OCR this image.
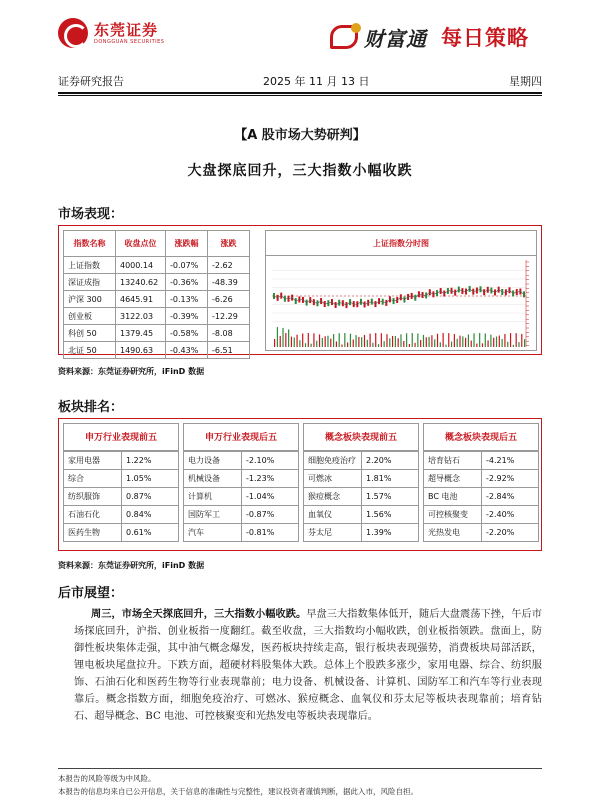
东莞证券
DONGGUAN SECURITIES	财富通 每日策略
证券研究报告	2025 年 11 月 13 日	星期四
【A 股市场大势研判】
大盘探底回升，三大指数小幅收跌
市场表现：
指数名称	收盘点位	涨跌幅	涨跌
上证指数	4000.14	-0.07%	-2.62
深证成指	13240.62	-0.36%	-48.39
沪深 300	4645.91	-0.13%	-6.26
创业板	3122.03	-0.39%	-12.29
科创 50	1379.45	-0.58%	-8.08
北证 50	1490.63	-0.43%	-6.51
上证指数分时图
资料来源：东莞证券研究所，iFinD 数据
板块排名：
申万行业表现前五
家用电器	1.22%
综合	1.05%
纺织服饰	0.87%
石油石化	0.84%
医药生物	0.61%
申万行业表现后五
电力设备	-2.10%
机械设备	-1.23%
计算机	-1.04%
国防军工	-0.87%
汽车	-0.81%
概念板块表现前五
细胞免疫治疗	2.20%
可燃冰	1.81%
猴痘概念	1.57%
血氧仪	1.56%
芬太尼	1.39%
概念板块表现后五
培育钻石	-4.21%
超导概念	-2.92%
BC 电池	-2.84%
可控核聚变	-2.40%
光热发电	-2.20%
资料来源：东莞证券研究所，iFinD 数据
后市展望：
周三，市场全天探底回升，三大指数小幅收跌。早盘三大指数集体低开，随后大盘震荡下挫，午后市场探底回升，沪指、创业板指一度翻红。截至收盘，三大指数均小幅收跌，创业板指领跌。盘面上，防御性板块集体走强，其中油气概念爆发，医药板块持续走高，银行板块表现强势，消费板块局部活跃，锂电板块尾盘拉升。下跌方面，超硬材料股集体大跌。总体上个股跌多涨少，家用电器、综合、纺织服饰、石油石化和医药生物等行业表现靠前；电力设备、机械设备、计算机、国防军工和汽车等行业表现靠后。概念指数方面，细胞免疫治疗、可燃冰、猴痘概念、血氧仪和芬太尼等板块表现靠前；培育钻石、超导概念、BC 电池、可控核聚变和光热发电等板块表现靠后。
本报告的风险等级为中风险。
本报告的信息均来自已公开信息，关于信息的准确性与完整性，建议投资者谨慎判断，据此入市，风险自担。
